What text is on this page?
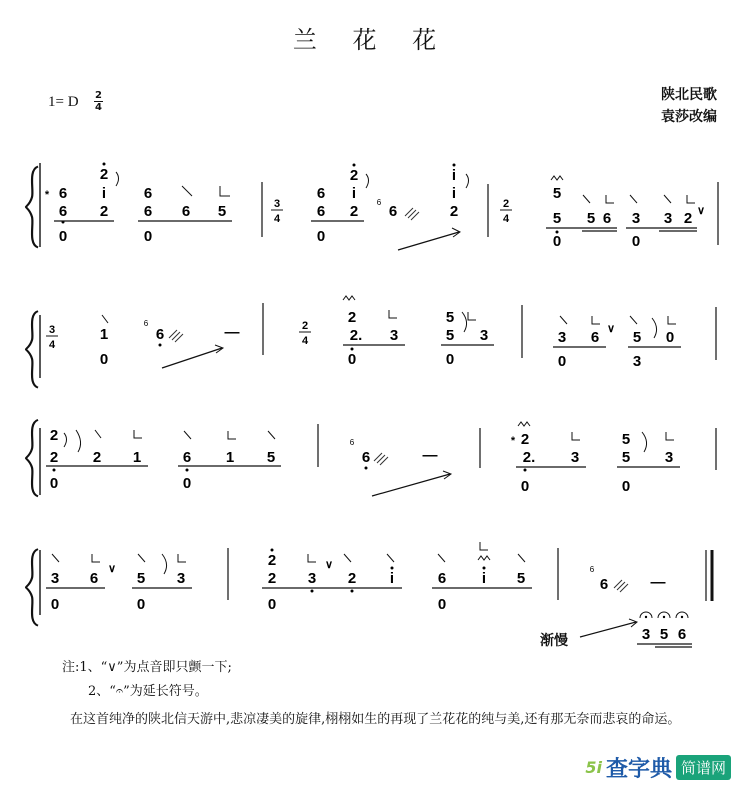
兰 花 花
1= D 2
4
陕北民歌
袁莎改编
* 6
6
0
2
i
2
6
6
0
6 5	3
4
6
6
0
2
i
2
6
6
i
i
2	2
4
5
5
0
5 6 3
0
3 2 ∨
3
4
1
0
6
6	—	2
4
2
2.
0
3
5
5
0
3	3
0
6 ∨ 5
3
0
2
2
0
2 1	6
0
1 5
6
6	—
* 2
2.
0
3
5
5
0
3
3
0
6
∨
5
0
3
2
2
0
3 2 i
∨
6
0
i 5
6
6	—
3 5 6
渐慢
注:1、“∨”为点音即只颤一下;
2、“𝄐”为延长符号。
在这首纯净的陕北信天游中,悲凉凄美的旋律,栩栩如生的再现了兰花花的纯与美,还有那无奈而悲哀的命运。
5i 查字典 简谱网
